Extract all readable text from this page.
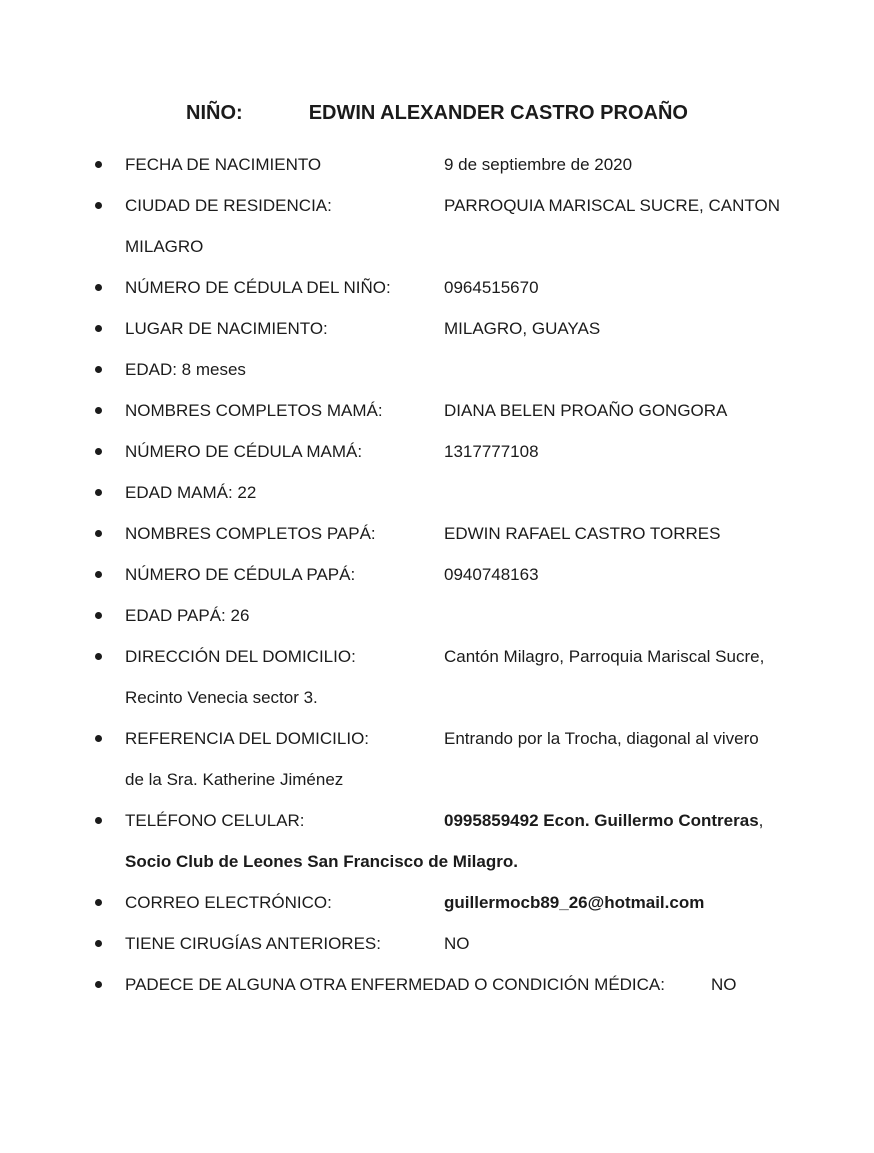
NIÑO:	EDWIN ALEXANDER CASTRO PROAÑO
FECHA DE NACIMIENTO	9 de septiembre de 2020
CIUDAD DE RESIDENCIA:	PARROQUIA MARISCAL SUCRE, CANTON
MILAGRO
NÚMERO DE CÉDULA DEL NIÑO:	0964515670
LUGAR DE NACIMIENTO:	MILAGRO, GUAYAS
EDAD: 8 meses
NOMBRES COMPLETOS MAMÁ:	DIANA BELEN PROAÑO GONGORA
NÚMERO DE CÉDULA MAMÁ:	1317777108
EDAD MAMÁ: 22
NOMBRES COMPLETOS PAPÁ:	EDWIN RAFAEL CASTRO TORRES
NÚMERO DE CÉDULA PAPÁ:	0940748163
EDAD PAPÁ: 26
DIRECCIÓN DEL DOMICILIO:	Cantón Milagro, Parroquia Mariscal Sucre,
Recinto Venecia sector 3.
REFERENCIA DEL DOMICILIO:	Entrando por la Trocha, diagonal al vivero
de la Sra. Katherine Jiménez
TELÉFONO CELULAR:	0995859492 Econ. Guillermo Contreras ,
Socio Club de Leones San Francisco de Milagro.
CORREO ELECTRÓNICO:	guillermocb89_26@hotmail.com
TIENE CIRUGÍAS ANTERIORES:	NO
PADECE DE ALGUNA OTRA ENFERMEDAD O CONDICIÓN MÉDICA:	NO
